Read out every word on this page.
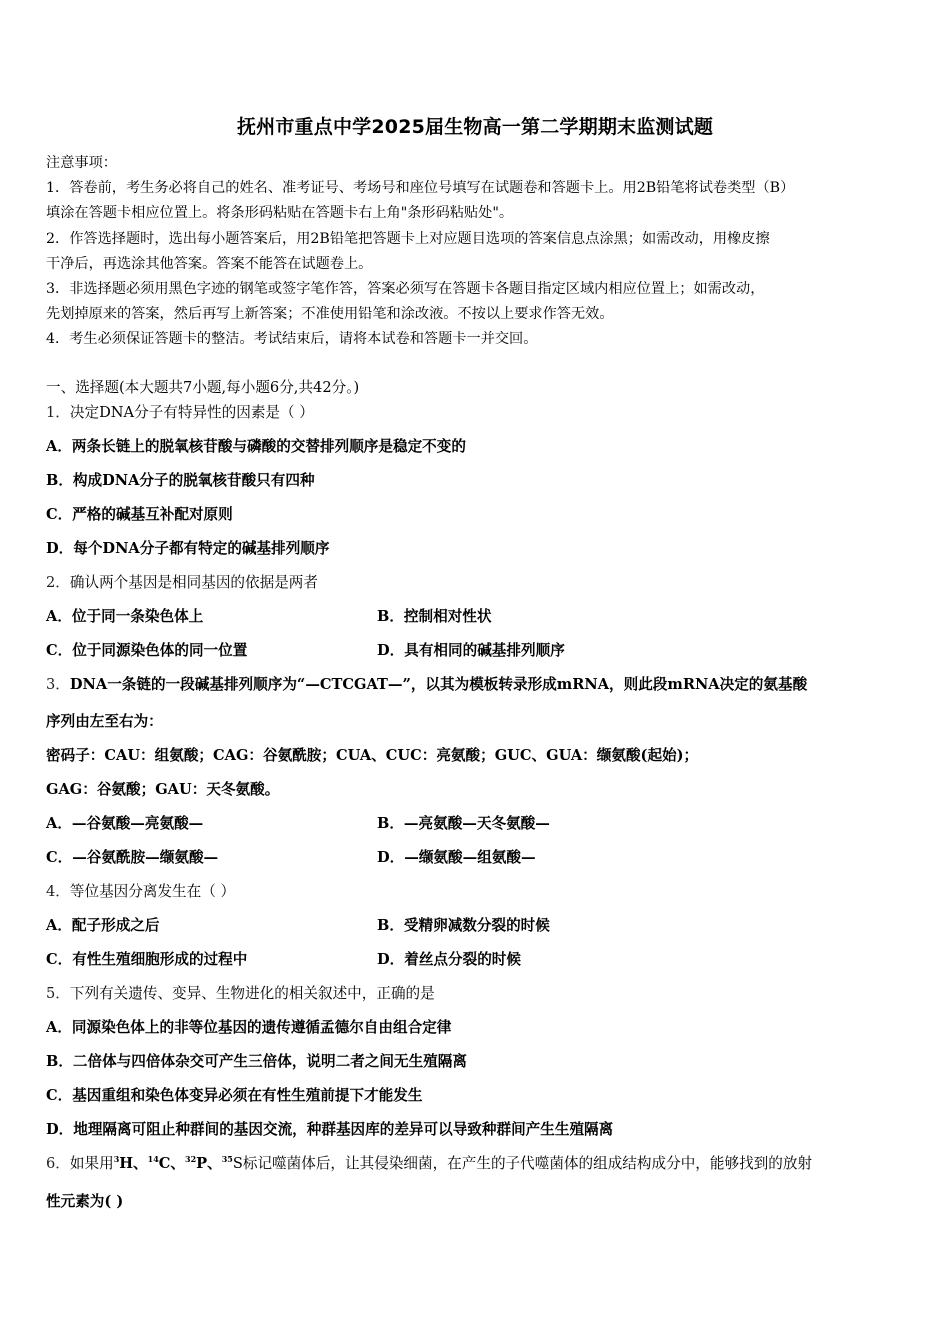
抚州市重点中学2025届生物高一第二学期期末监测试题
注意事项：
1．答卷前，考生务必将自己的姓名、准考证号、考场号和座位号填写在试题卷和答题卡上。用2B铅笔将试卷类型（B）
填涂在答题卡相应位置上。将条形码粘贴在答题卡右上角"条形码粘贴处"。
2．作答选择题时，选出每小题答案后，用2B铅笔把答题卡上对应题目选项的答案信息点涂黑；如需改动，用橡皮擦
干净后，再选涂其他答案。答案不能答在试题卷上。
3．非选择题必须用黑色字迹的钢笔或签字笔作答，答案必须写在答题卡各题目指定区域内相应位置上；如需改动，
先划掉原来的答案，然后再写上新答案；不准使用铅笔和涂改液。不按以上要求作答无效。
4．考生必须保证答题卡的整洁。考试结束后，请将本试卷和答题卡一并交回。
一、选择题(本大题共7小题,每小题6分,共42分。)
1．决定DNA分子有特异性的因素是（ ）
A．两条长链上的脱氧核苷酸与磷酸的交替排列顺序是稳定不变的
B．构成DNA分子的脱氧核苷酸只有四种
C．严格的碱基互补配对原则
D．每个DNA分子都有特定的碱基排列顺序
2．确认两个基因是相同基因的依据是两者
A．位于同一条染色体上	B．控制相对性状
C．位于同源染色体的同一位置	D．具有相同的碱基排列顺序
3．DNA一条链的一段碱基排列顺序为“—CTCGAT—”，以其为模板转录形成mRNA，则此段mRNA决定的氨基酸
序列由左至右为：
密码子：CAU：组氨酸；CAG：谷氨酰胺；CUA、CUC：亮氨酸；GUC、GUA：缬氨酸(起始)；
GAG：谷氨酸；GAU：天冬氨酸。
A．—谷氨酸—亮氨酸—	B．—亮氨酸—天冬氨酸—
C．—谷氨酰胺—缬氨酸—	D．—缬氨酸—组氨酸—
4．等位基因分离发生在（ ）
A．配子形成之后	B．受精卵减数分裂的时候
C．有性生殖细胞形成的过程中	D．着丝点分裂的时候
5．下列有关遗传、变异、生物进化的相关叙述中，正确的是
A．同源染色体上的非等位基因的遗传遵循孟德尔自由组合定律
B．二倍体与四倍体杂交可产生三倍体，说明二者之间无生殖隔离
C．基因重组和染色体变异必须在有性生殖前提下才能发生
D．地理隔离可阻止种群间的基因交流，种群基因库的差异可以导致种群间产生生殖隔离
6．如果用$^3$H、$^{14}$C、$^{32}$P、$^{35}$S标记噬菌体后，让其侵染细菌，在产生的子代噬菌体的组成结构成分中，能够找到的放射
性元素为( )
